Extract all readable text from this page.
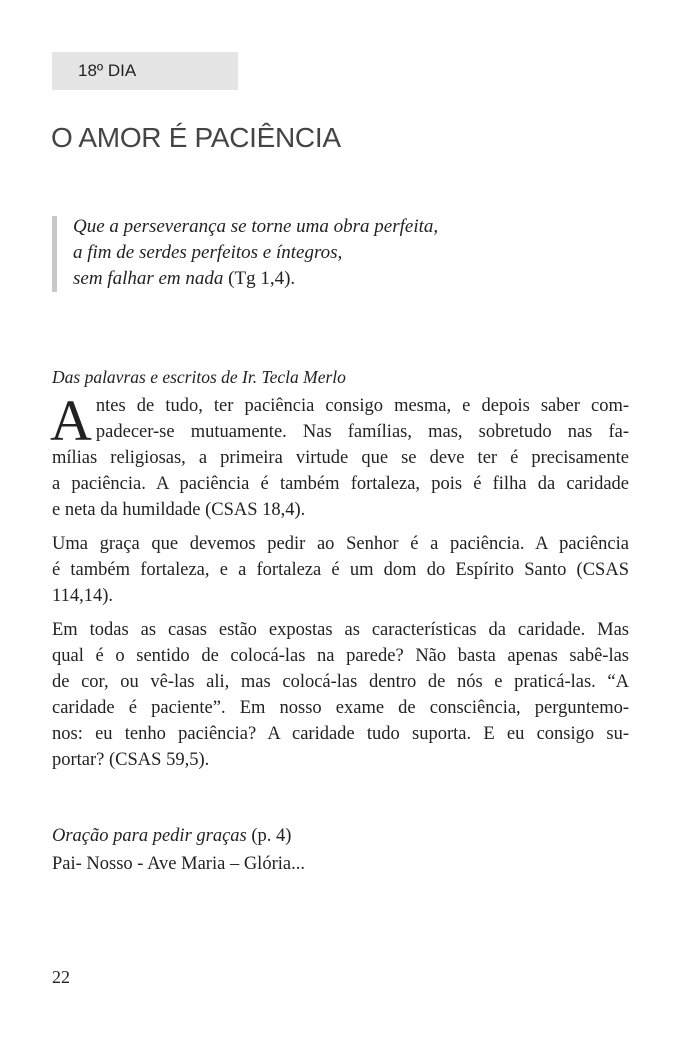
18º DIA
O AMOR É PACIÊNCIA
Que a perseverança se torne uma obra perfeita,
a fim de serdes perfeitos e íntegros,
sem falhar em nada (Tg 1,4).
Das palavras e escritos de Ir. Tecla Merlo

A ntes de tudo, ter paciência consigo mesma, e depois saber com-
padecer-se mutuamente. Nas famílias, mas, sobretudo nas fa-
mílias religiosas, a primeira virtude que se deve ter é precisamente
a paciência. A paciência é também fortaleza, pois é filha da caridade
e neta da humildade (CSAS 18,4).

Uma graça que devemos pedir ao Senhor é a paciência. A paciência
é também fortaleza, e a fortaleza é um dom do Espírito Santo (CSAS
114,14).

Em todas as casas estão expostas as características da caridade. Mas
qual é o sentido de colocá-las na parede? Não basta apenas sabê-las
de cor, ou vê-las ali, mas colocá-las dentro de nós e praticá-las. “A
caridade é paciente”. Em nosso exame de consciência, perguntemo-
nos: eu tenho paciência? A caridade tudo suporta. E eu consigo su-
portar? (CSAS 59,5).

Oração para pedir graças (p. 4)
Pai- Nosso - Ave Maria – Glória...
22
